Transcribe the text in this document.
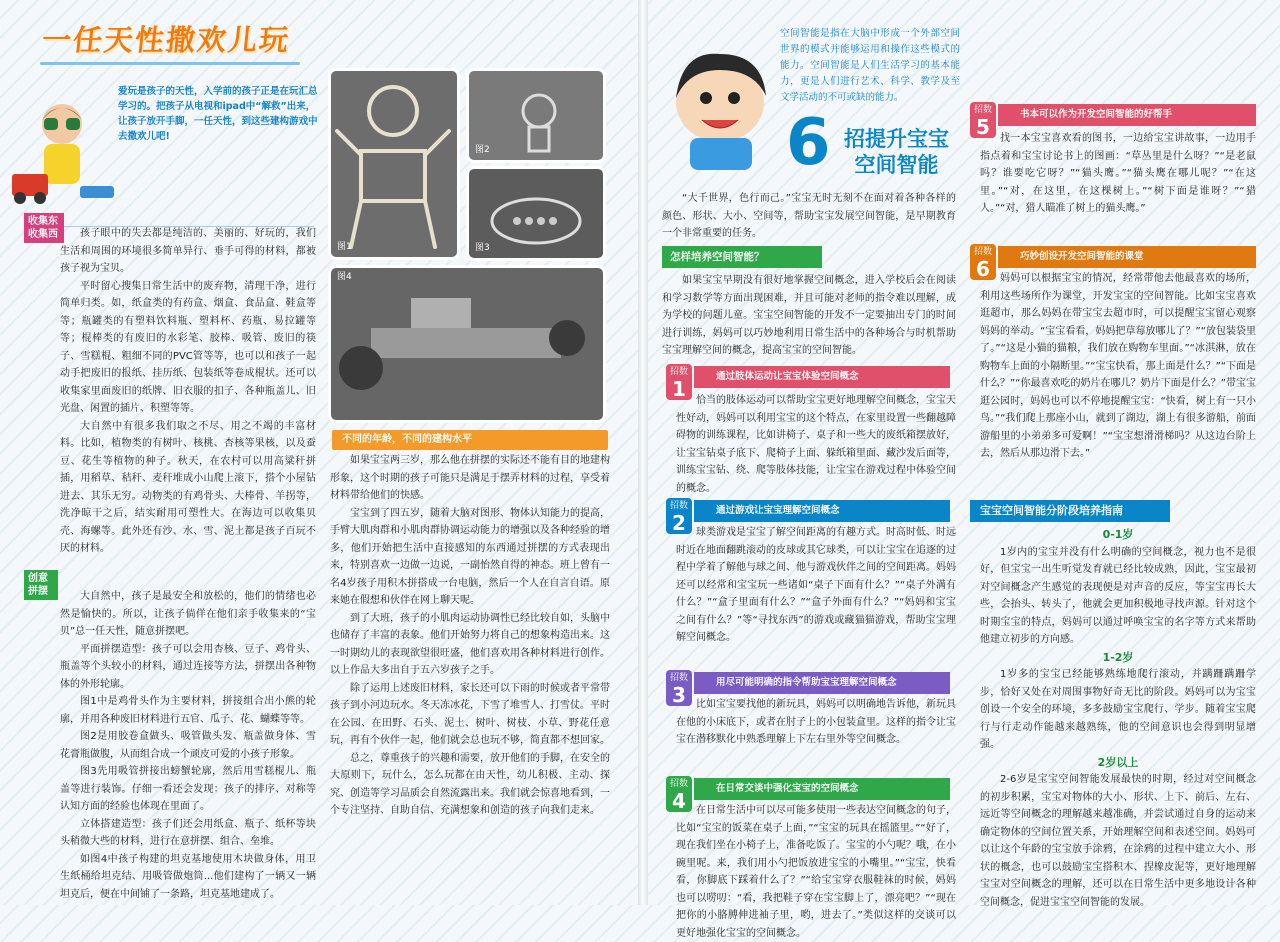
一任天性撒欢儿玩
爱玩是孩子的天性，入学前的孩子正是在玩汇总学习的。把孩子从电视和ipad中“解救”出来，让孩子放开手脚，一任天性，到这些建构游戏中去撒欢儿吧!
收集东收集西	孩子眼中的失去都是纯洁的、美丽的、好玩的，我们生活和周围的环境很多简单异行、垂手可得的材料，都被孩子视为宝贝。

平时留心搜集日常生活中的废弃物，清理干净，进行简单归类。如，纸盒类的有药盒、烟盒、食品盒、鞋盒等等；瓶罐类的有塑料饮料瓶、塑料杯、药瓶、易拉罐等等；棍棒类的有废旧的水彩笔、胶棒、吸管、废旧的筷子、雪糕棍、粗细不同的PVC管等等，也可以和孩子一起动手把废旧的报纸、挂历纸、包装纸等卷成棍状。还可以收集家里面废旧的纸牌、旧衣服的扣子、各种瓶盖儿、旧光盘、闲置的插片、积塑等等。

大自然中有很多我们取之不尽、用之不竭的丰富材料。比如，植物类的有树叶、核桃、杏核等果核，以及蚕豆、花生等植物的种子。秋天，在农村可以用高粱秆拼插，用稻草、秸秆、麦秆堆成小山爬上滚下，搭个小屋钻进去、其乐无穷。动物类的有鸡骨头、大棒骨、羊拐等，洗净晾干之后，结实耐用可塑性大。在海边可以收集贝壳、海螺等。此外还有沙、水、雪、泥土都是孩子百玩不厌的材料。

创意拼摆	大自然中，孩子是最安全和放松的，他们的情绪也必然是愉快的。所以，让孩子倘佯在他们亲手收集来的“宝贝”总一任天性，随意拼摆吧。

平面拼摆造型：孩子可以会用杏核、豆子、鸡骨头、瓶盖等个头较小的材料，通过连接等方法，拼摆出各种物体的外形轮廓。

图1中是鸡骨头作为主要材料，拼接组合出小熊的轮廓，并用各种废旧材料进行五官、瓜子、花、蝴蝶等等。

图2是用胶卷盒做头、吸管做头发、瓶盖做身体、雪花膏瓶做腹，从而组合成一个顽皮可爱的小孩子形象。

图3先用吸管拼接出螃蟹轮廓，然后用雪糕棍儿、瓶盖等进行装饰。仔细一看还会发现：孩子的排序、对称等认知方面的经验也体现在里面了。

立体搭建造型：孩子们还会用纸盒、瓶子、纸杯等块头稍微大些的材料，进行在意拼摆、组合、垒堆。

如图4中孩子构建的坦克基地使用木块做身体，用卫生纸桶给坦克结、用吸管做炮筒...他们建构了一辆又一辆坦克后，便在中间铺了一条路，坦克基地建成了。

图1
图2
图3
图4
不同的年龄，不同的建构水平

如果宝宝两三岁，那么他在拼摆的实际还不能有目的地建构形象，这个时期的孩子可能只是满足于摆弄材料的过程，享受着材料带给他们的快感。

宝宝到了四五岁，随着大脑对图形、物体认知能力的提高，手臂大肌肉群和小肌肉群协调运动能力的增强以及各种经验的增多，他们开始把生活中直接感知的东西通过拼摆的方式表现出来，特别喜欢一边做一边说，一副怡然自得的神态。班上曾有一名4岁孩子用积木拼搭成一台电脑，然后一个人在自言自语。原来她在假想和伙伴在网上聊天呢。

到了大班，孩子的小肌肉运动协调性已经比较自如，头脑中也储存了丰富的表象。他们开始努力将自己的想象构造出来。这一时期幼儿的表现欲望很旺盛，他们喜欢用各种材料进行创作。以上作品大多出自于五六岁孩子之手。

除了运用上述废旧材料，家长还可以下雨的时候或者平常带孩子到小河边玩水。冬天冻冰花，下雪了堆雪人、打雪仗。平时在公园、在田野、石头、泥土、树叶、树枝、小草、野花任意玩，再有个伙伴一起，他们就会总也玩不够，简直都不想回家。

总之，尊重孩子的兴趣和需要，放开他们的手脚，在安全的大原则下，玩什么，怎么玩都在由天性，幼儿积极、主动、探究、创造等学习品质会自然流露出来。我们就会惊喜地看到，一个专注坚持、自助自信、充满想象和创造的孩子向我们走来。

空间智能是指在大脑中形成一个外部空间世界的模式并能够运用和操作这些模式的能力。空间智能是人们生活学习的基本能力，更是人们进行艺术、科学、教学及至文学活动的不可或缺的能力。
6 招提升宝宝
空间智能

“大千世界，色行而己。”宝宝无时无刻不在面对着各种各样的颜色、形状、大小、空间等，帮助宝宝发展空间智能，是早期教育一个非常重要的任务。

怎样培养空间智能？

如果宝宝早期没有很好地掌握空间概念，进入学校后会在阅读和学习数学等方面出现困难，并且可能对老师的指令难以理解，成为学校的问题儿童。宝宝空间智能的开发不一定要抽出专门的时间进行训练，妈妈可以巧妙地利用日常生活中的各种场合与时机帮助宝宝理解空间的概念，提高宝宝的空间智能。

招数
1
通过肢体运动让宝宝体验空间概念

恰当的肢体运动可以帮助宝宝更好地理解空间概念，宝宝天性好动，妈妈可以利用宝宝的这个特点，在家里设置一些翻越障碍物的训练课程，比如讲椅子、桌子和一些大的废纸箱摆放好，让宝宝钻桌子底下、爬椅子上面、躲纸箱里面、藏沙发后面等，训练宝宝钻、绕、爬等肢体技能，让宝宝在游戏过程中体验空间的概念。

招数
2
通过游戏让宝宝理解空间概念

球类游戏是宝宝了解空间距离的有趣方式。时高时低、时远时近在地面翻跳滚动的皮球或其它球类，可以让宝宝在追逐的过程中学着了解他与球之间、他与游戏伙伴之间的空间距离。妈妈还可以经常和宝宝玩一些诸如“桌子下面有什么？”“桌子外满有什么？”“盒子里面有什么？”“盒子外面有什么？”“妈妈和宝宝之间有什么？”等“寻找东西”的游戏或藏猫猫游戏，帮助宝宝理解空间概念。

招数
3
用尽可能明确的指令帮助宝宝理解空间概念

比如宝宝要找他的新玩具，妈妈可以明确地告诉他，新玩具在他的小床底下，或者在肘子上的小包装盒里。这样的指令让宝宝在潜移默化中熟悉理解上下左右里外等空间概念。

招数
4
在日常交谈中强化宝宝的空间概念

在日常生活中可以尽可能多使用一些表达空间概念的句子，比如“宝宝的饭菜在桌子上面，”“宝宝的玩具在摇篮里。”“好了，现在我们坐在小椅子上，准备吃饭了。宝宝的小勺呢？哦，在小碗里呢。来，我们用小勺把饭放进宝宝的小嘴里。”“宝宝，快看看，你脚底下踩着什么了？”“给宝宝穿衣服鞋袜的时候，妈妈也可以唠叨：“看，我把鞋子穿在宝宝脚上了，漂亮吧？”“现在把你的小胳膊伸进袖子里，哟，进去了。”类似这样的交谈可以更好地强化宝宝的空间概念。

招数
5
书本可以作为开发空间智能的好帮手

找一本宝宝喜欢看的图书，一边给宝宝讲故事，一边用手指点着和宝宝讨论书上的图画：“草丛里是什么呀？”“是老鼠吗？谁要吃它呀？”“猫头鹰。”“猫头鹰在哪儿呢？”“在这里。”“对，在这里，在这棵树上。”“树下面是谁呀？”“猎人。”“对，猎人瞄准了树上的猫头鹰。”

招数
6
巧妙创设开发空间智能的课堂

妈妈可以根据宝宝的情况，经常带他去他最喜欢的场所，利用这些场所作为课堂，开发宝宝的空间智能。比如宝宝喜欢逛超市，那么妈妈在带宝宝去超市时，可以提醒宝宝留心观察妈妈的举动。“宝宝看看，妈妈把草莓放哪儿了？”“放包装袋里了。”“这是小猫的猫粮，我们放在购物车里面。”“冰淇淋，放在购物车上面的小隔断里。”“宝宝快看，那上面是什么？”“下面是什么？”“你最喜欢吃的奶片在哪儿？奶片下面是什么？”带宝宝逛公园时，妈妈也可以不停地提醒宝宝：“快看，树上有一只小鸟。”“我们爬上那座小山，就到了湖边，湖上有很多游船，前面游船里的小弟弟多可爱啊！”“宝宝想滑滑梯吗？从这边台阶上去，然后从那边滑下去。”

宝宝空间智能分阶段培养指南
0-1岁

1岁内的宝宝并没有什么明确的空间概念，视力也不是很好，但宝宝一出生听觉发育就已经比较成熟，因此，宝宝最初对空间概念产生感觉的表现便是对声音的反应，等宝宝再长大些，会抬头、转头了，他就会更加积极地寻找声源。针对这个时期宝宝的特点，妈妈可以通过呼唤宝宝的名字等方式来帮助他建立初步的方向感。

1-2岁

1岁多的宝宝已经能够熟练地爬行滚动，并蹒跚蹒跚学步，恰好又处在对周围事物好奇无比的阶段。妈妈可以为宝宝创设一个安全的环境，多多鼓励宝宝爬行、学步。随着宝宝爬行与行走动作能越来越熟练，他的空间意识也会得到明显增强。

2岁以上

2-6岁是宝宝空间智能发展最快的时期，经过对空间概念的初步积累，宝宝对物体的大小、形状、上下、前后、左右、远近等空间概念的理解越来越准确，并尝试通过自身的运动来确定物体的空间位置关系，开始理解空间和表述空间。妈妈可以让这个年龄的宝宝放手涂鸦，在涂鸦的过程中建立大小、形状的概念，也可以鼓励宝宝搭积木、捏橡皮泥等，更好地理解宝宝对空间概念的理解，还可以在日常生活中更多地设计各种空间概念，促进宝宝空间智能的发展。
